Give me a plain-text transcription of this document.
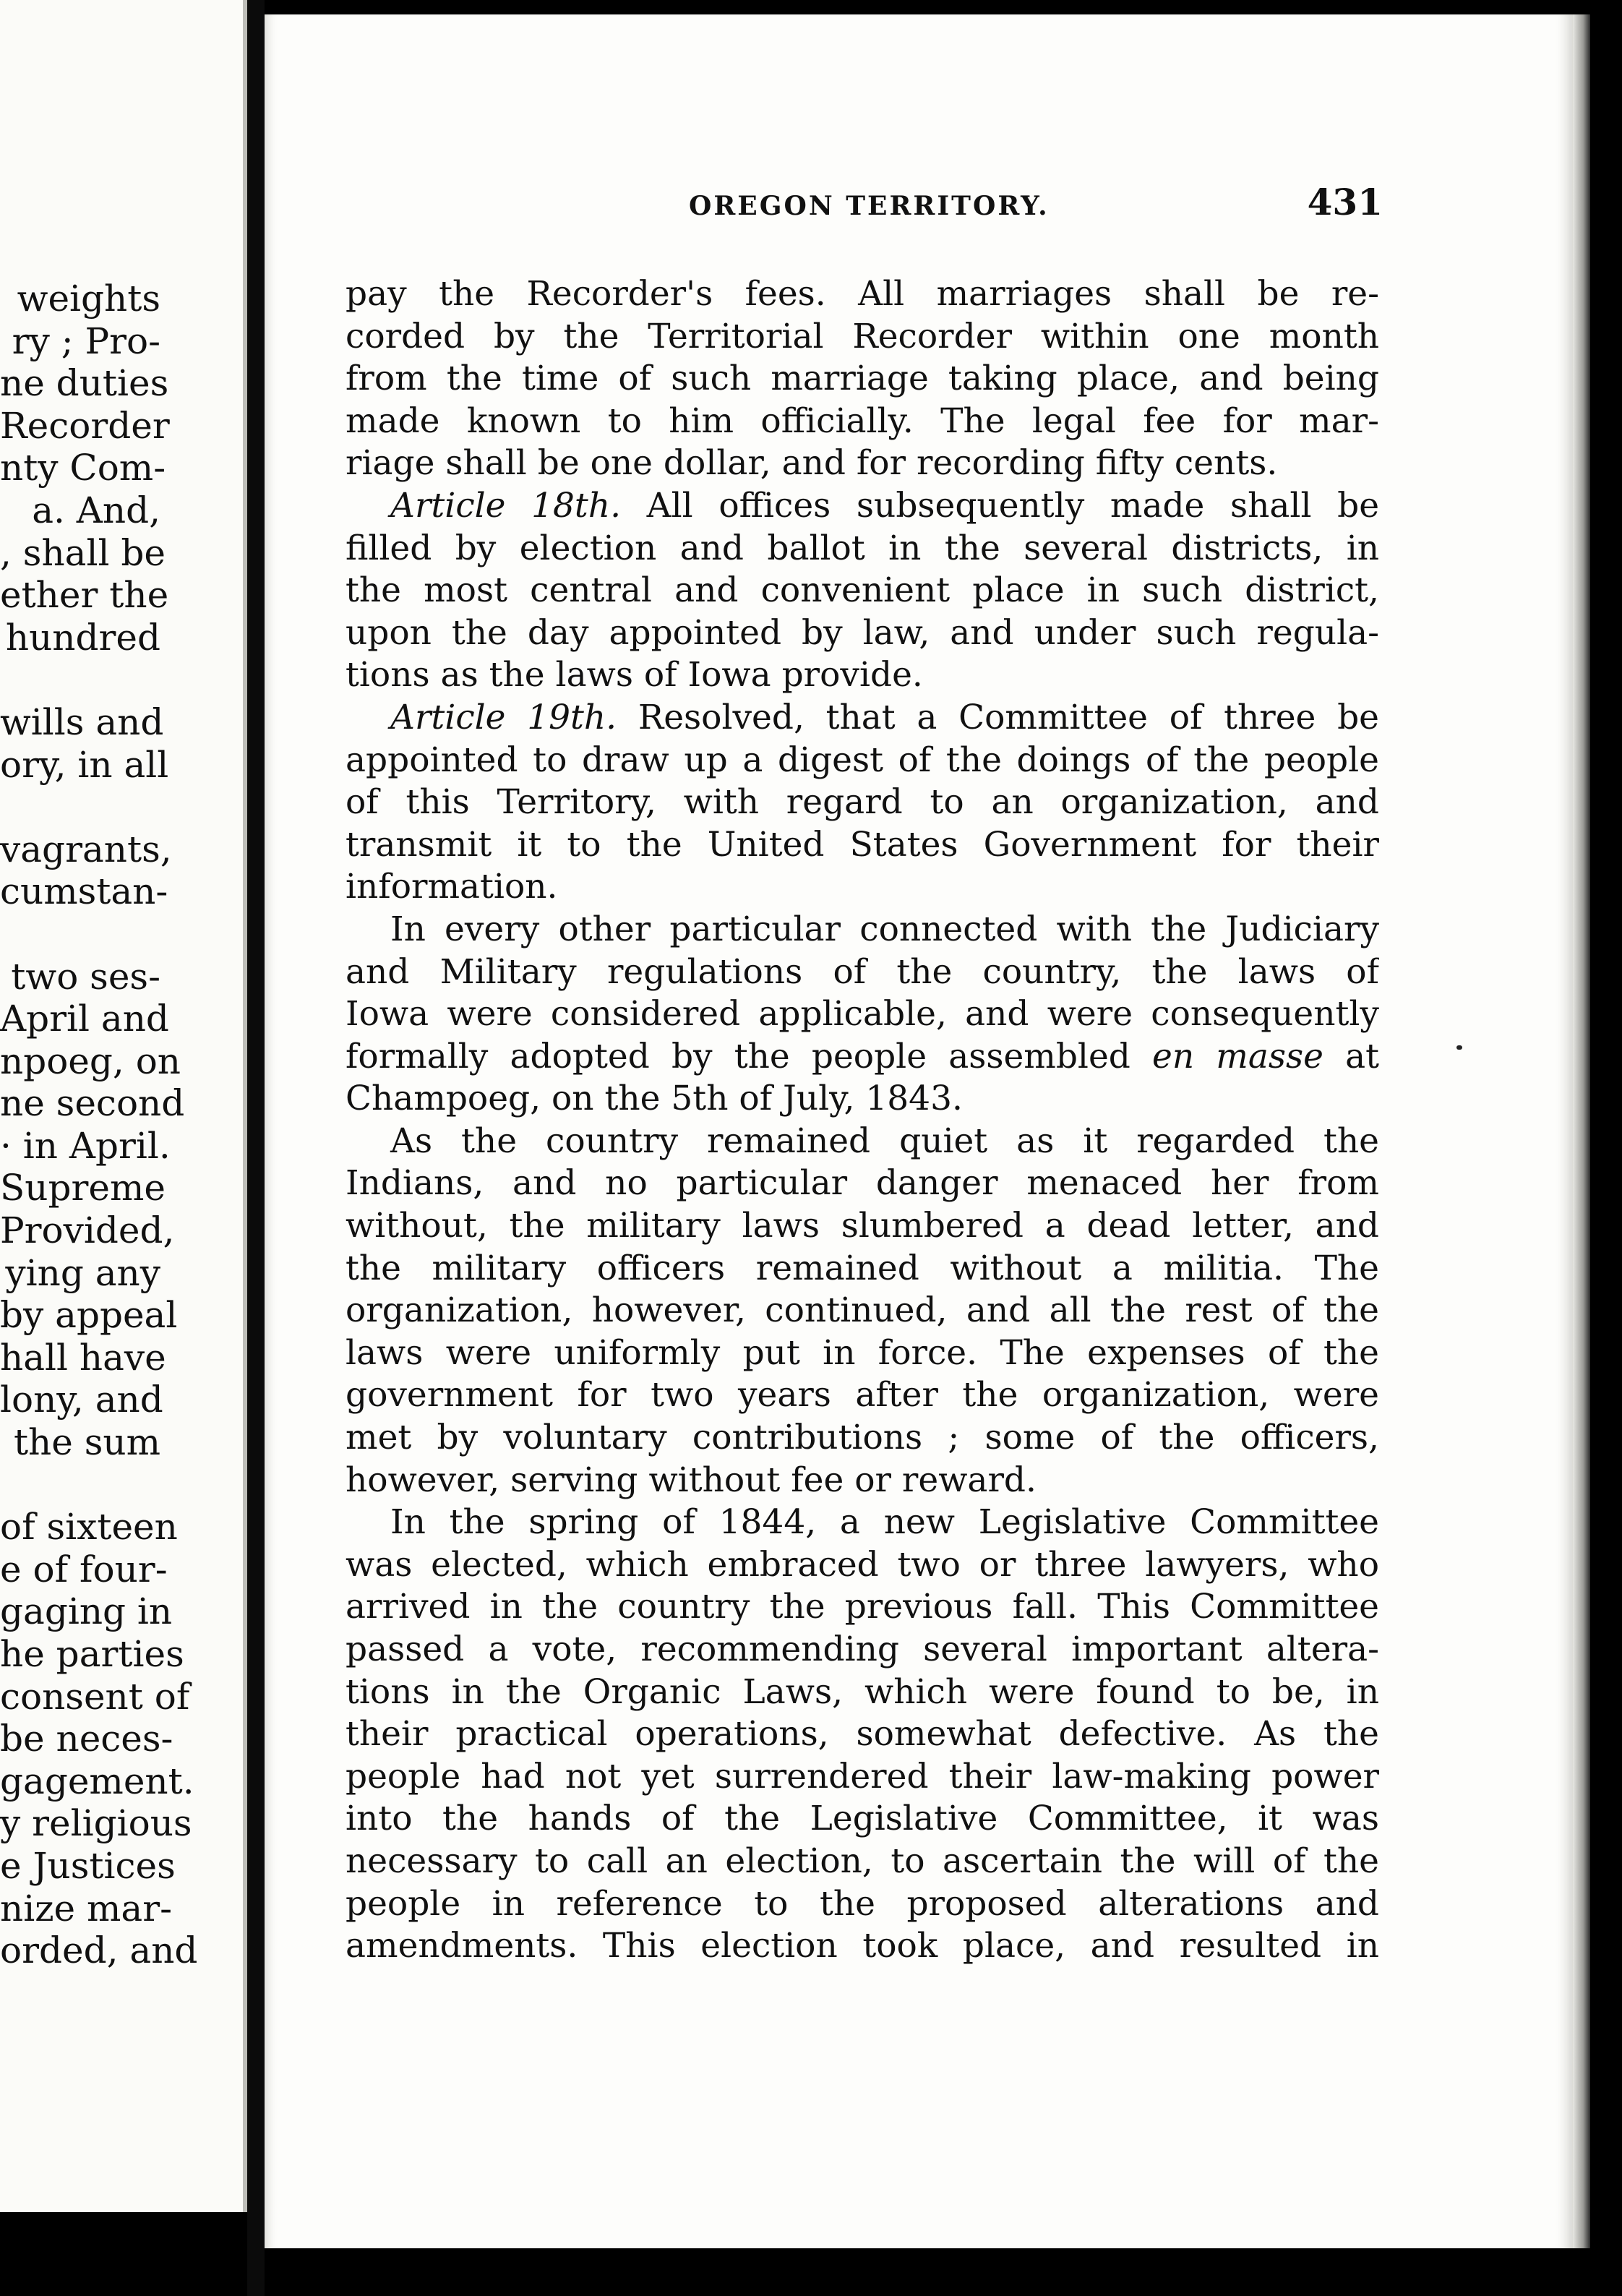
weights
ry ; Pro-
ne duties
Recorder
nty Com-
a. And,
, shall be
ether the
hundred
wills and
ory, in all
vagrants,
cumstan-
two ses-
April and
npoeg, on
ne second
· in April.
Supreme
Provided,
ying any
by appeal
hall have
lony, and
the sum
of sixteen
e of four-
gaging in
he parties
consent of
be neces-
gagement.
y religious
e Justices
nize mar-
orded, and
OREGON TERRITORY.	431
pay the Recorder's fees. All marriages shall be re-
corded by the Territorial Recorder within one month
from the time of such marriage taking place, and being
made known to him officially. The legal fee for mar-
riage shall be one dollar, and for recording fifty cents.
Article 18th. All offices subsequently made shall be
filled by election and ballot in the several districts, in
the most central and convenient place in such district,
upon the day appointed by law, and under such regula-
tions as the laws of Iowa provide.
Article 19th. Resolved, that a Committee of three be
appointed to draw up a digest of the doings of the people
of this Territory, with regard to an organization, and
transmit it to the United States Government for their
information.
In every other particular connected with the Judiciary
and Military regulations of the country, the laws of
Iowa were considered applicable, and were consequently
formally adopted by the people assembled en masse at
Champoeg, on the 5th of July, 1843.
As the country remained quiet as it regarded the
Indians, and no particular danger menaced her from
without, the military laws slumbered a dead letter, and
the military officers remained without a militia. The
organization, however, continued, and all the rest of the
laws were uniformly put in force. The expenses of the
government for two years after the organization, were
met by voluntary contributions ; some of the officers,
however, serving without fee or reward.
In the spring of 1844, a new Legislative Committee
was elected, which embraced two or three lawyers, who
arrived in the country the previous fall. This Committee
passed a vote, recommending several important altera-
tions in the Organic Laws, which were found to be, in
their practical operations, somewhat defective. As the
people had not yet surrendered their law-making power
into the hands of the Legislative Committee, it was
necessary to call an election, to ascertain the will of the
people in reference to the proposed alterations and
amendments. This election took place, and resulted in
